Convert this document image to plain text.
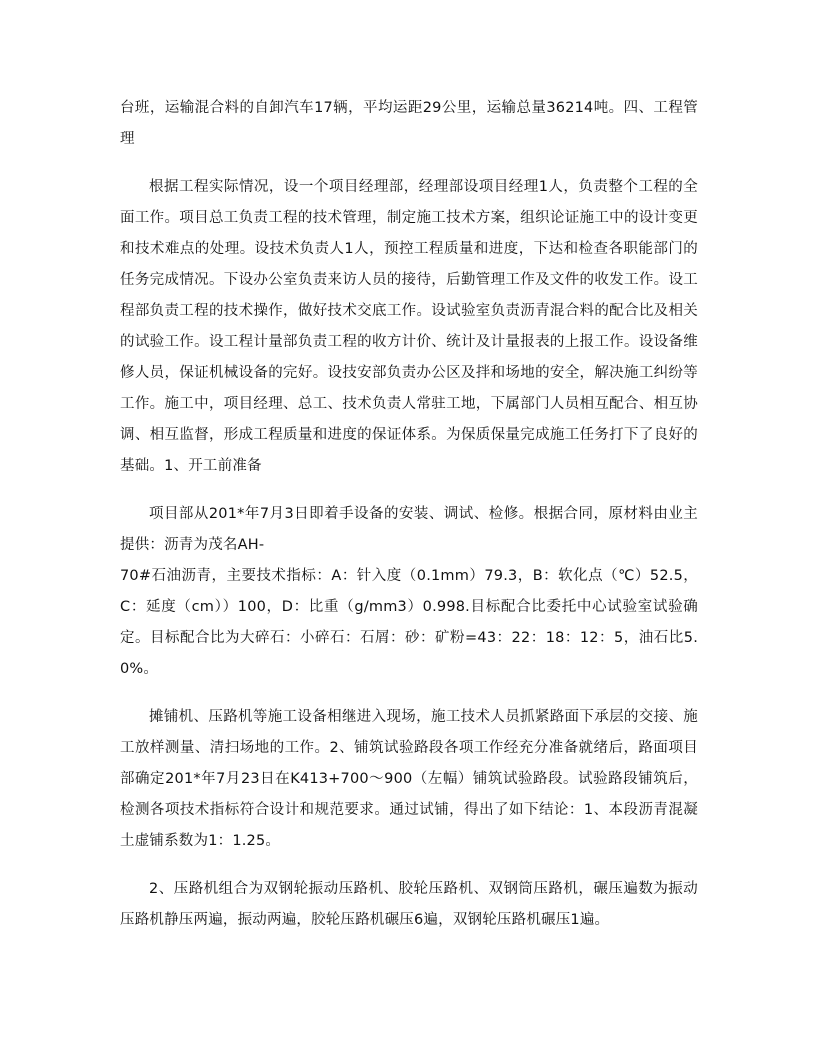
台班，运输混合料的自卸汽车17辆，平均运距29公里，运输总量36214吨。四、工程管理

根据工程实际情况，设一个项目经理部，经理部设项目经理1人，负责整个工程的全面工作。项目总工负责工程的技术管理，制定施工技术方案，组织论证施工中的设计变更和技术难点的处理。设技术负责人1人，预控工程质量和进度，下达和检查各职能部门的任务完成情况。下设办公室负责来访人员的接待，后勤管理工作及文件的收发工作。设工程部负责工程的技术操作，做好技术交底工作。设试验室负责沥青混合料的配合比及相关的试验工作。设工程计量部负责工程的收方计价、统计及计量报表的上报工作。设设备维修人员，保证机械设备的完好。设技安部负责办公区及拌和场地的安全，解决施工纠纷等工作。施工中，项目经理、总工、技术负责人常驻工地，下属部门人员相互配合、相互协调、相互监督，形成工程质量和进度的保证体系。为保质保量完成施工任务打下了良好的基础。1、开工前准备

项目部从201*年7月3日即着手设备的安装、调试、检修。根据合同，原材料由业主提供：沥青为茂名AH-
70#石油沥青，主要技术指标：A：针入度（0.1mm）79.3，B：软化点（℃）52.5，C：延度（cm））100，D：比重（g/mm3）0.998.目标配合比委托中心试验室试验确定。目标配合比为大碎石：小碎石：石屑：砂：矿粉=43：22：18：12：5，油石比5.0%。

摊铺机、压路机等施工设备相继进入现场，施工技术人员抓紧路面下承层的交接、施工放样测量、清扫场地的工作。2、铺筑试验路段各项工作经充分准备就绪后，路面项目部确定201*年7月23日在K413+700～900（左幅）铺筑试验路段。试验路段铺筑后，检测各项技术指标符合设计和规范要求。通过试铺，得出了如下结论：1、本段沥青混凝土虚铺系数为1：1.25。

2、压路机组合为双钢轮振动压路机、胶轮压路机、双钢筒压路机，碾压遍数为振动压路机静压两遍，振动两遍，胶轮压路机碾压6遍，双钢轮压路机碾压1遍。
